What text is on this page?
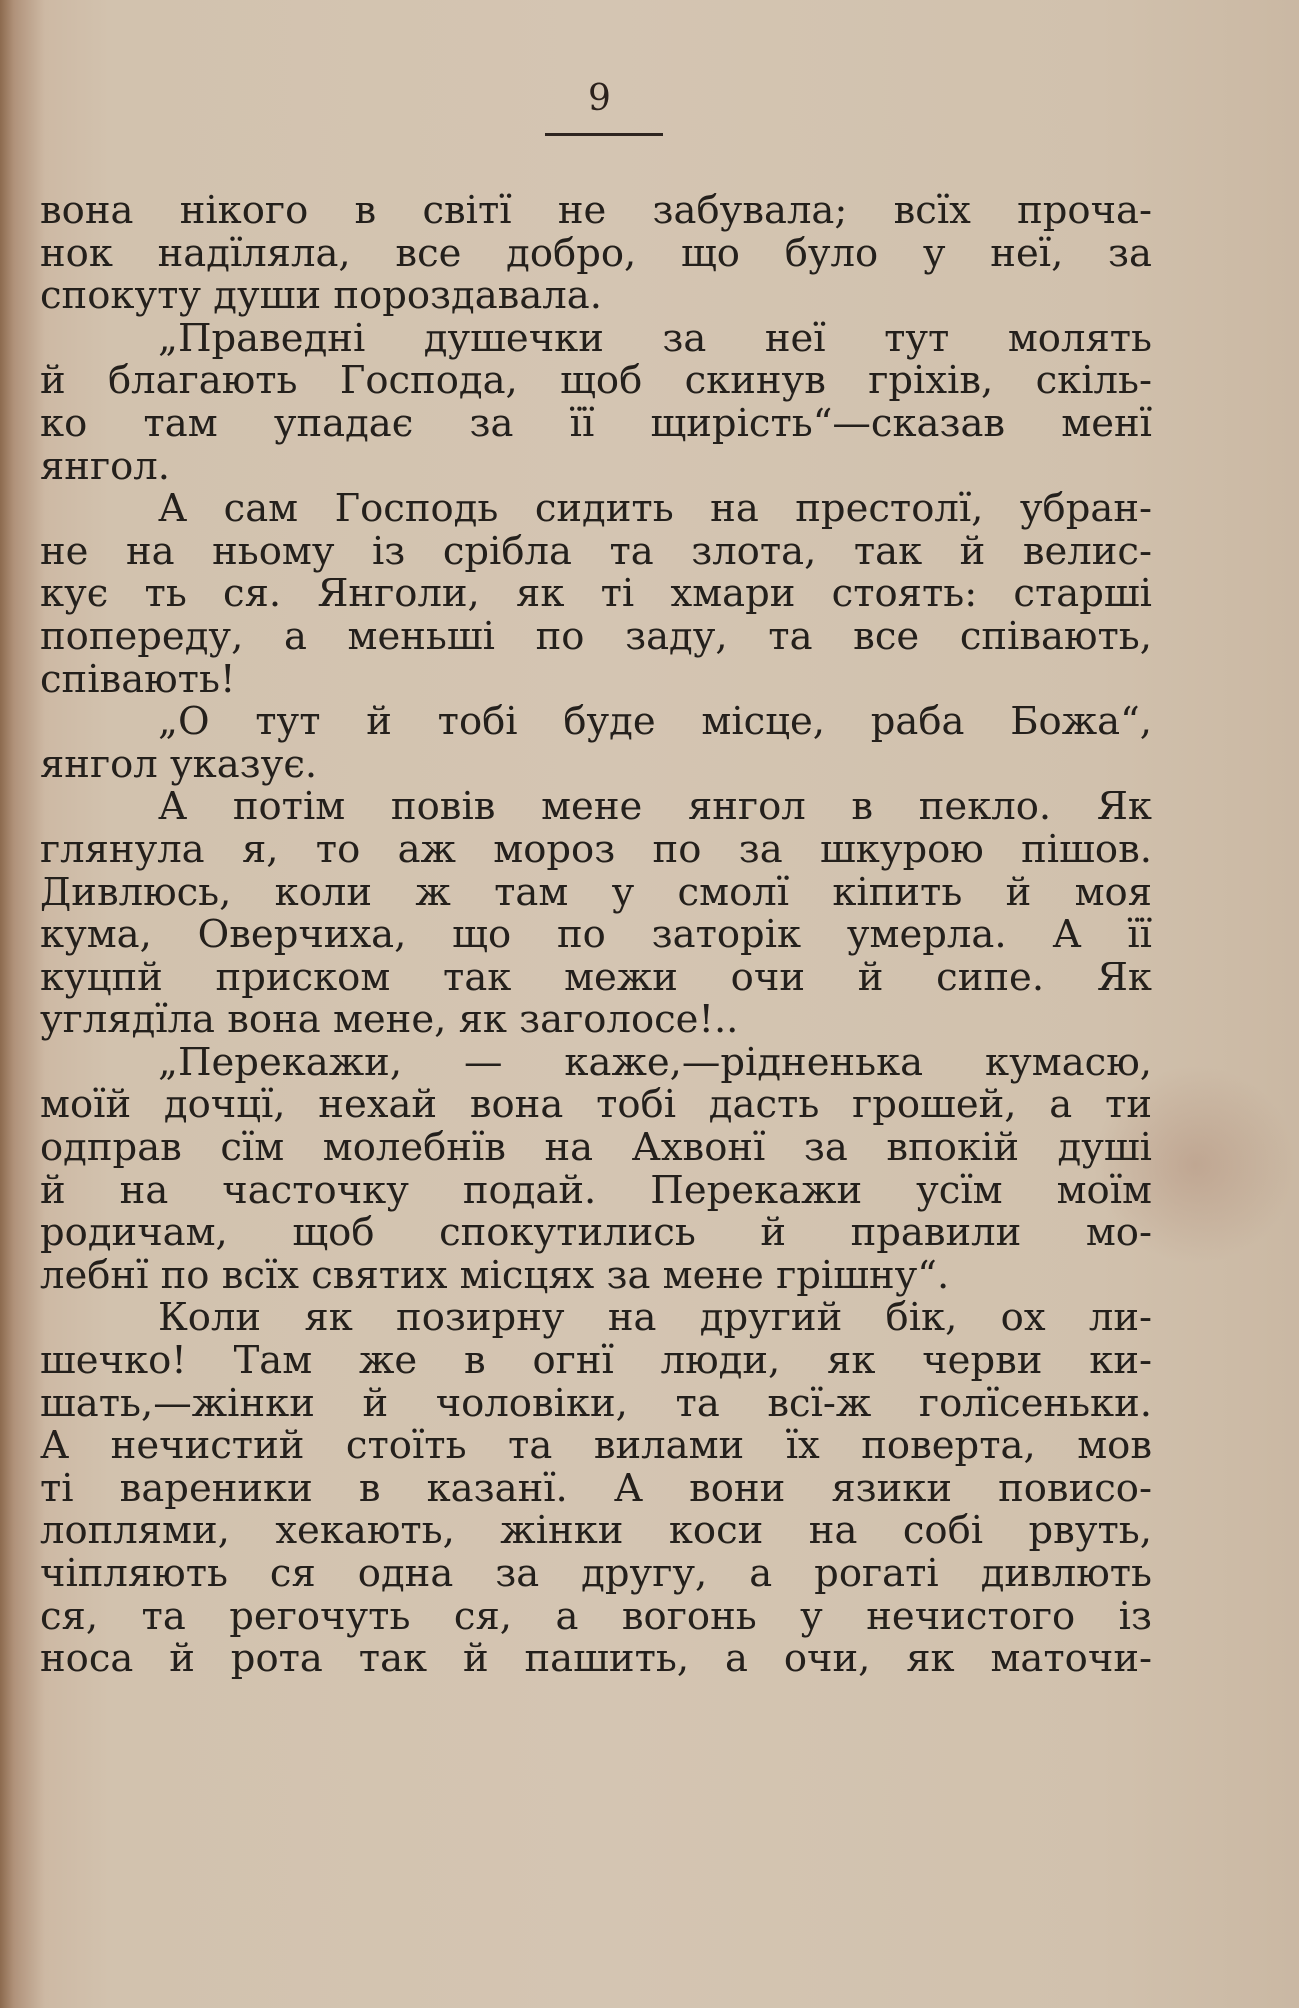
9
вона нікого в світї не забувала; всїх проча-
нок надїляла, все добро, що було у неї, за
спокуту души пороздавала.
„Праведні душечки за неї тут молять
й благають Господа, щоб скинув гріхів, скіль-
ко там упадає за її щирість“—сказав менї
янгол.
А сам Господь сидить на престолї, убран-
не на ньому із срібла та злота, так й велис-
кує ть ся. Янголи, як ті хмари стоять: старші
попереду, а меньші по заду, та все співають,
співають!
„О тут й тобі буде місце, раба Божа“,
янгол указує.
А потім повів мене янгол в пекло. Як
глянула я, то аж мороз по за шкурою пішов.
Дивлюсь, коли ж там у смолї кіпить й моя
кума, Оверчиха, що по заторік умерла. А її
куцпй приском так межи очи й сипе. Як
углядїла вона мене, як заголосе!..
„Перекажи, — каже,—рідненька кумасю,
моїй дочцї, нехай вона тобі дасть грошей, а ти
одправ сїм молебнїв на Ахвонї за впокій душі
й на часточку подай. Перекажи усїм моїм
родичам, щоб спокутились й правили мо-
лебнї по всїх святих місцях за мене грішну“.
Коли як позирну на другий бік, ох ли-
шечко! Там же в огнї люди, як черви ки-
шать,—жінки й чоловіки, та всї-ж голїсеньки.
А нечистий стоїть та вилами їх поверта, мов
ті вареники в казанї. А вони язики повисо-
лоплями, хекають, жінки коси на собі рвуть,
чіпляють ся одна за другу, а рогаті дивлють
ся, та регочуть ся, а вогонь у нечистого із
носа й рота так й пашить, а очи, як маточи-
